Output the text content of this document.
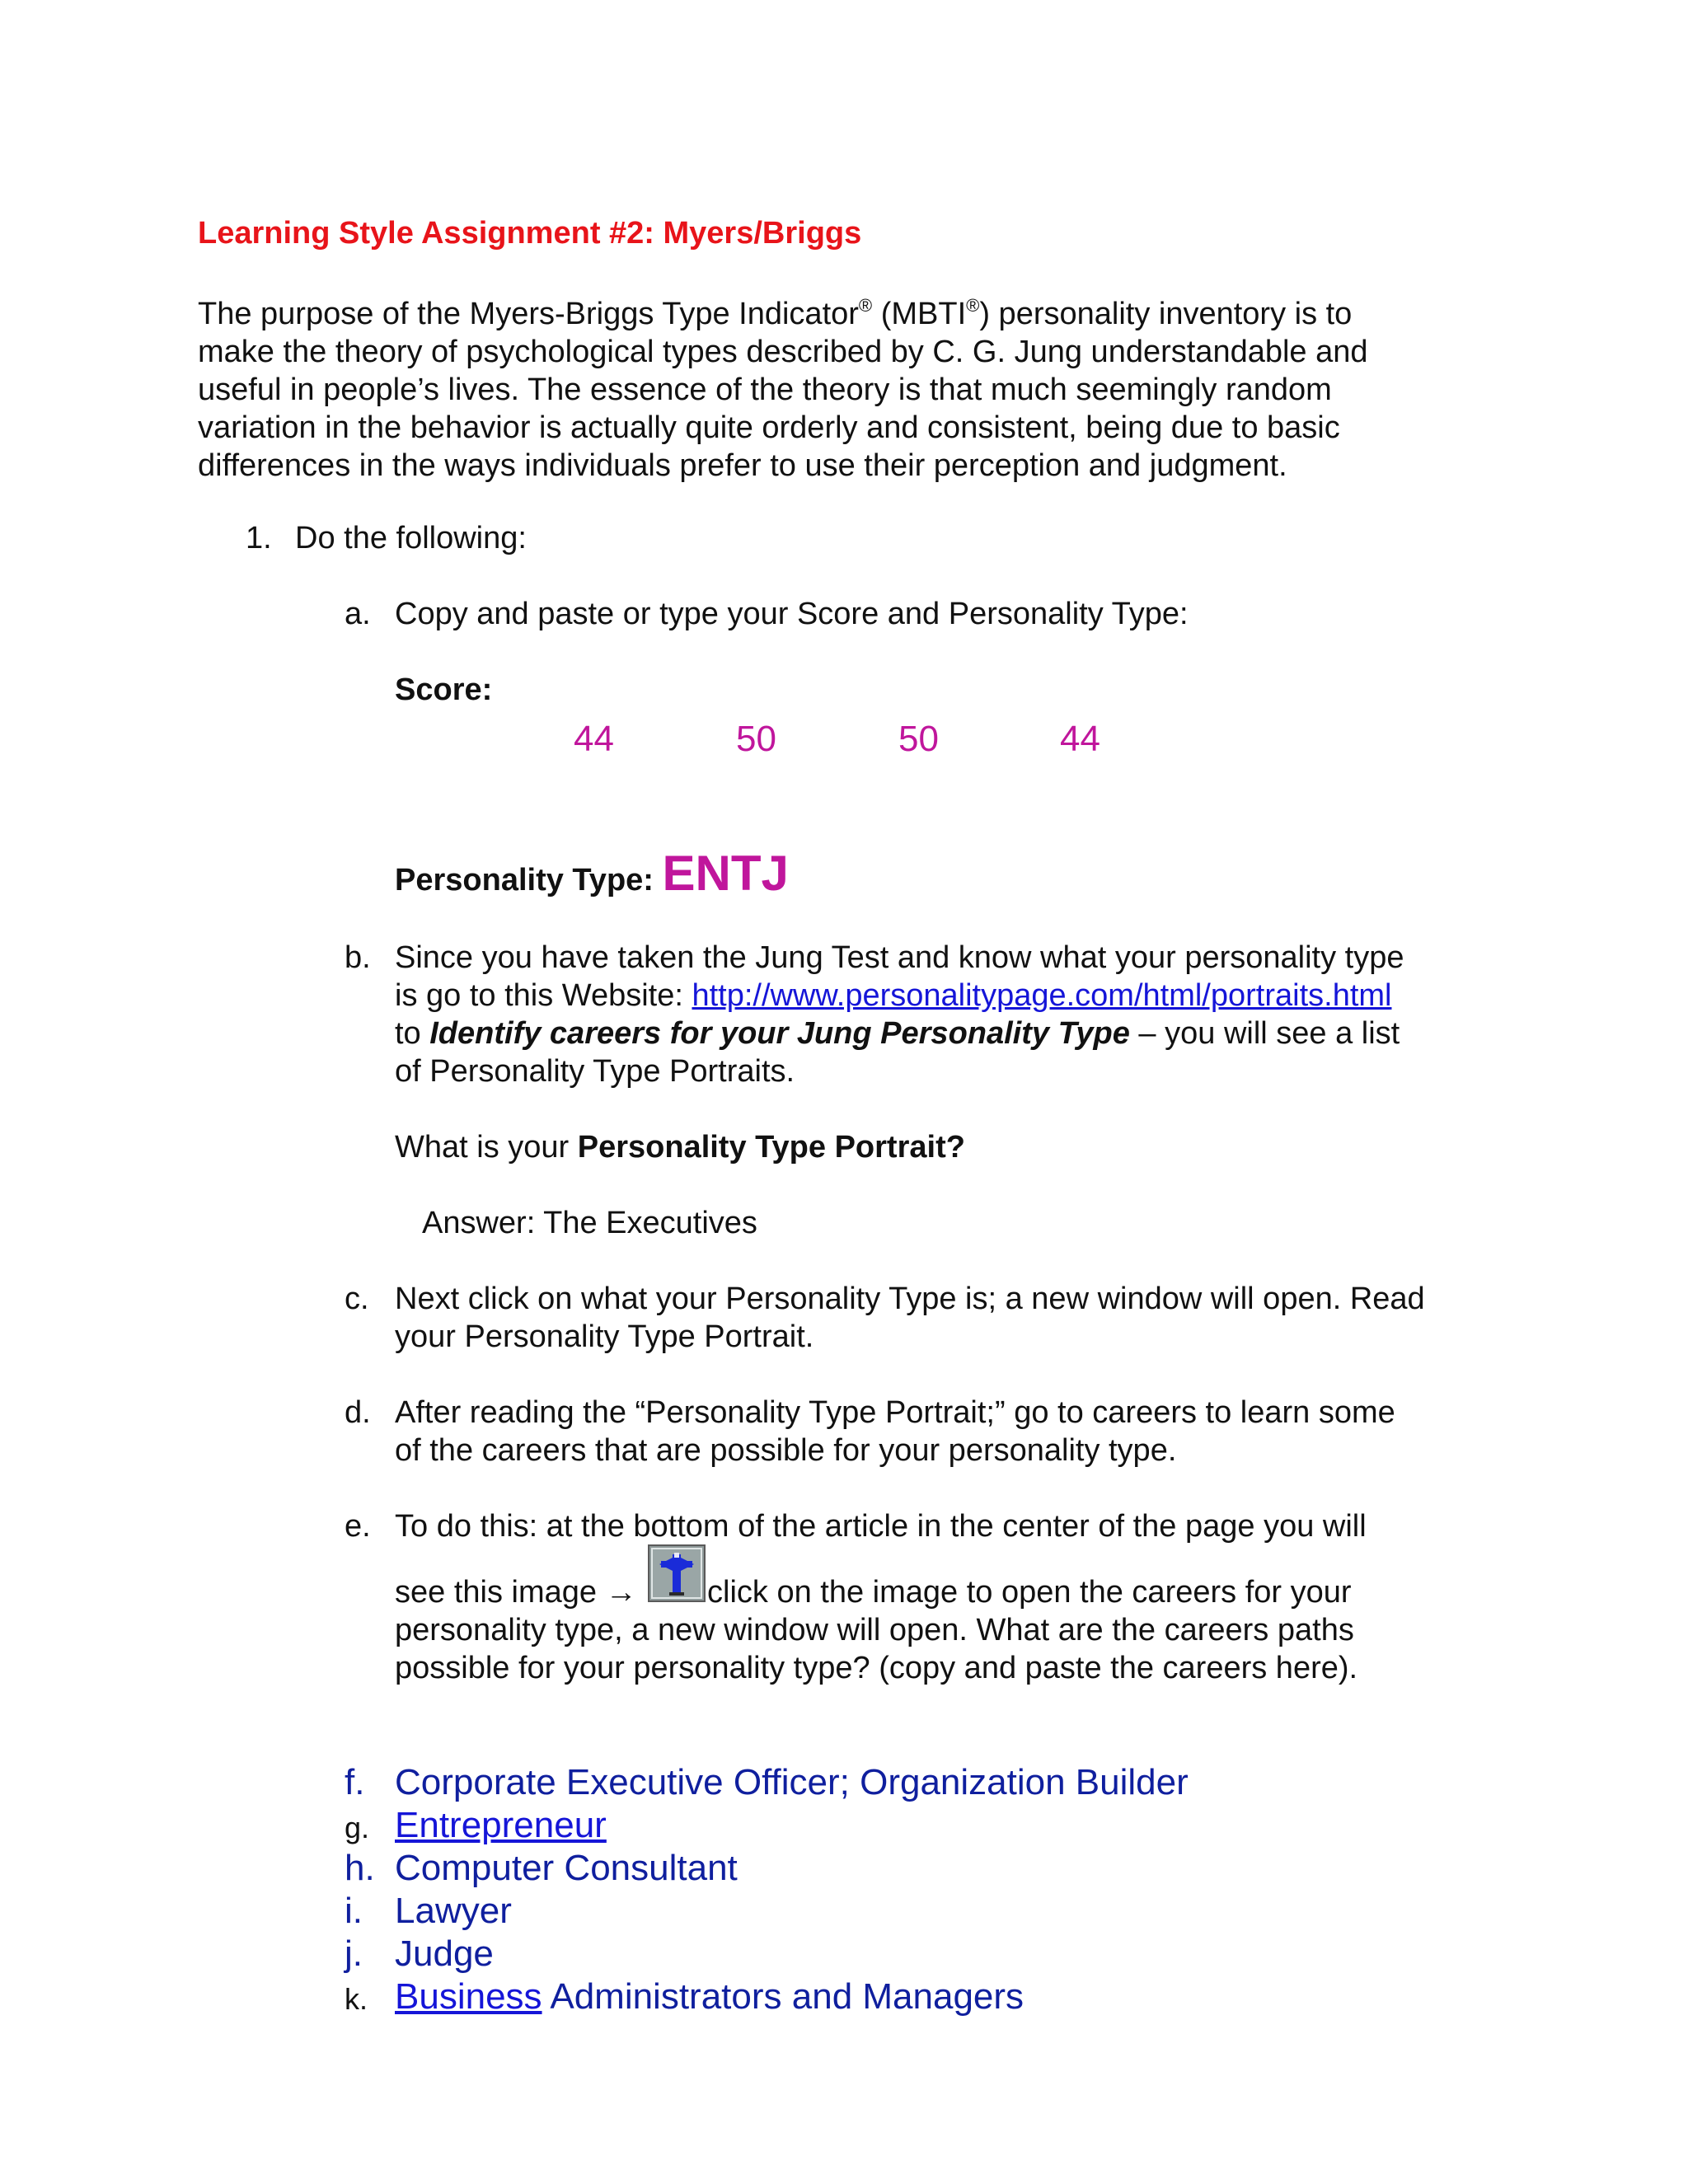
Learning Style Assignment #2: Myers/Briggs
The purpose of the Myers-Briggs Type Indicator® (MBTI®) personality inventory is to
make the theory of psychological types described by C. G. Jung understandable and
useful in people’s lives. The essence of the theory is that much seemingly random
variation in the behavior is actually quite orderly and consistent, being due to basic
differences in the ways individuals prefer to use their perception and judgment.
1. Do the following:
a. Copy and paste or type your Score and Personality Type:
Score:
44	50	50	44
Personality Type: ENTJ
b. Since you have taken the Jung Test and know what your personality type
is go to this Website: http://www.personalitypage.com/html/portraits.html
to Identify careers for your Jung Personality Type – you will see a list
of Personality Type Portraits.
What is your Personality Type Portrait?
Answer: The Executives
c. Next click on what your Personality Type is; a new window will open. Read
your Personality Type Portrait.
d. After reading the “Personality Type Portrait;” go to careers to learn some
of the careers that are possible for your personality type.
e. To do this: at the bottom of the article in the center of the page you will
see this image → click on the image to open the careers for your
personality type, a new window will open. What are the careers paths
possible for your personality type? (copy and paste the careers here).
f. Corporate Executive Officer; Organization Builder
g. Entrepreneur
h. Computer Consultant
i. Lawyer
j. Judge
k. Business Administrators and Managers
